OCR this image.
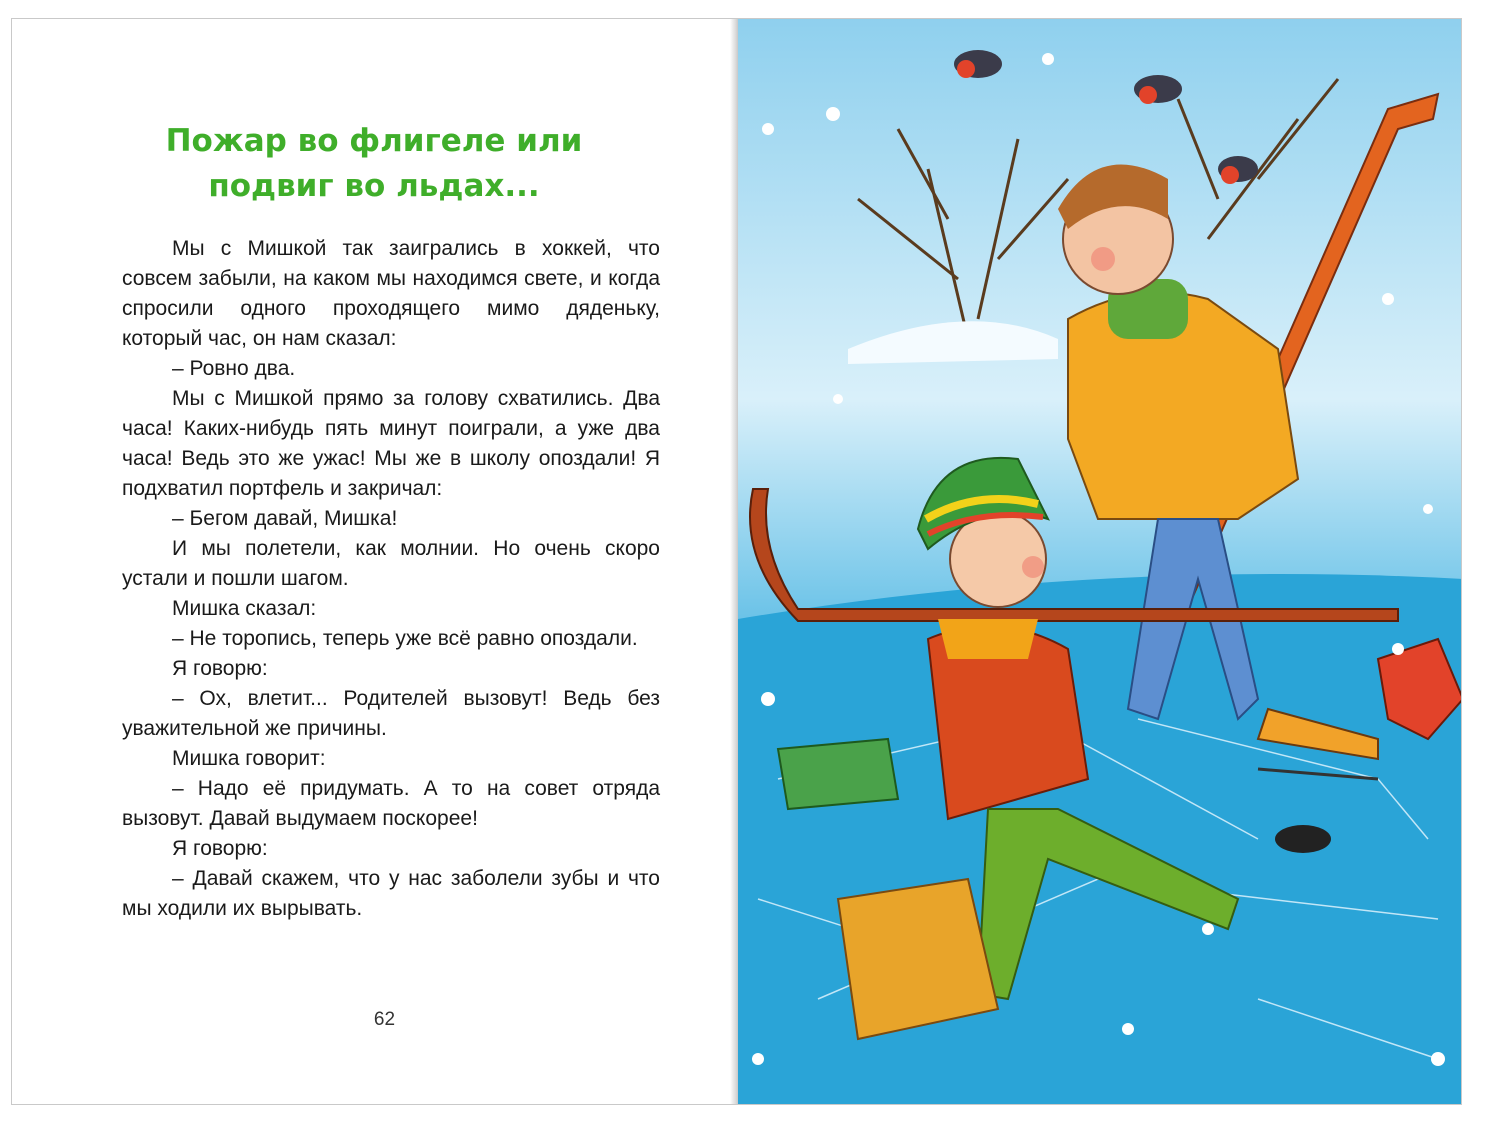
Пожар во флигеле или
подвиг во льдах...

Мы с Мишкой так заигрались в хоккей, что совсем забыли, на каком мы находимся свете, и когда спросили одного проходящего мимо дяденьку, который час, он нам сказал:

– Ровно два.

Мы с Мишкой прямо за голову схватились. Два часа! Каких-нибудь пять минут поиграли, а уже два часа! Ведь это же ужас! Мы же в школу опоздали! Я подхватил портфель и закричал:

– Бегом давай, Мишка!

И мы полетели, как молнии. Но очень скоро устали и пошли шагом.

Мишка сказал:

– Не торопись, теперь уже всё равно опоздали.

Я говорю:

– Ох, влетит... Родителей вызовут! Ведь без уважительной же причины.

Мишка говорит:

– Надо её придумать. А то на совет отряда вызовут. Давай выдумаем поскорее!

Я говорю:

– Давай скажем, что у нас заболели зубы и что мы ходили их вырывать.

62
